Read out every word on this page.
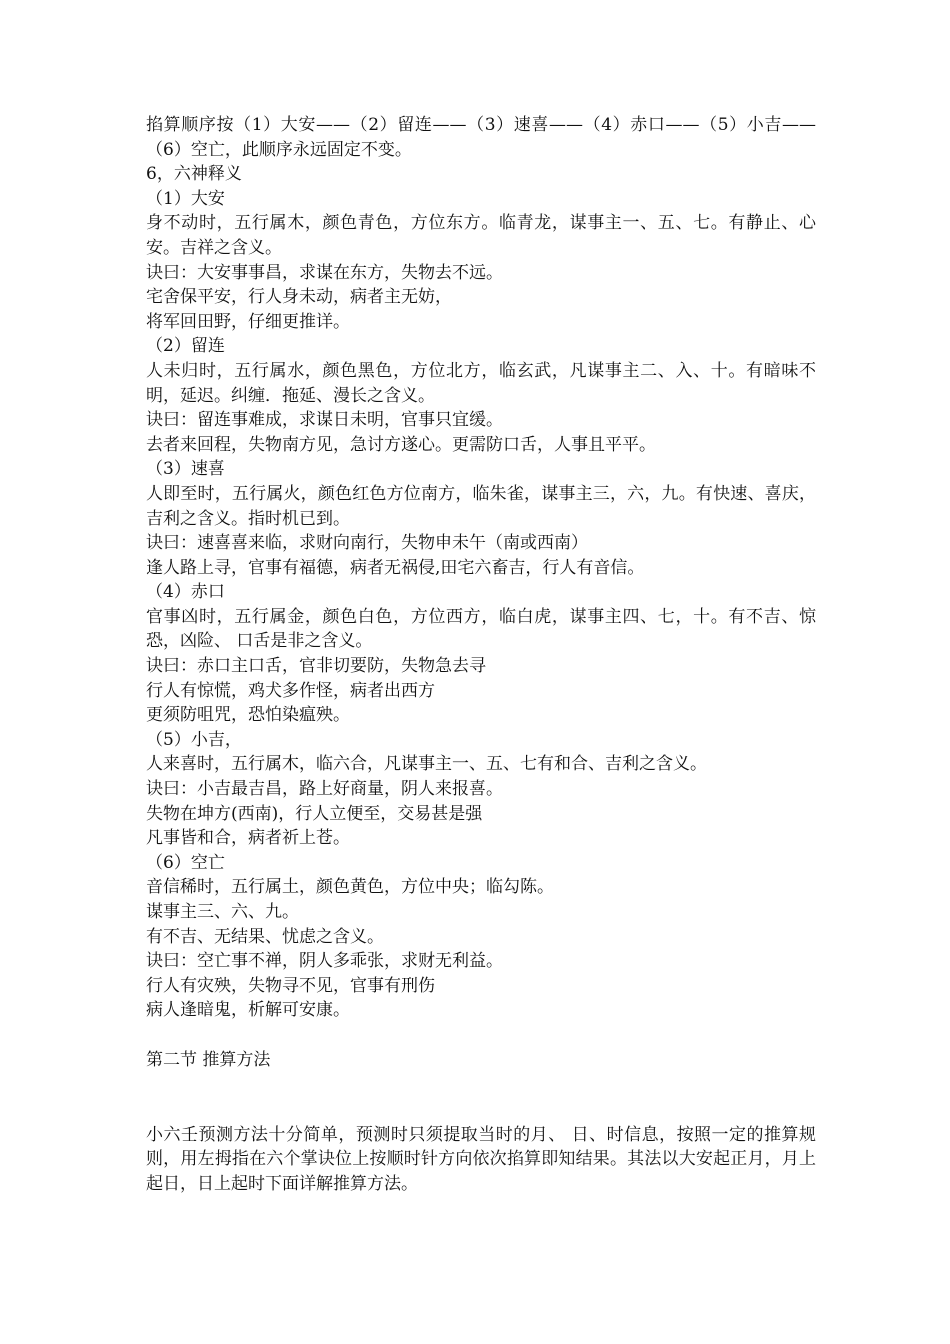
掐算顺序按（1）大安——（2）留连——（3）速喜——（4）赤口——（5）小吉——（6）空亡，此顺序永远固定不变。
6，六神释义
（1）大安
身不动时，五行属木，颜色青色，方位东方。临青龙，谋事主一、五、七。有静止、心安。吉祥之含义。
诀曰：大安事事昌，求谋在东方，失物去不远。
宅舍保平安，行人身未动，病者主无妨，
将军回田野，仔细更推详。
（2）留连
人未归时，五行属水，颜色黑色，方位北方，临玄武，凡谋事主二、入、十。有暗味不明，延迟。纠缠．拖延、漫长之含义。
诀曰：留连事难成，求谋日未明，官事只宜缓。
去者来回程，失物南方见，急讨方遂心。更需防口舌，人事且平平。
（3）速喜
人即至时，五行属火，颜色红色方位南方，临朱雀，谋事主三，六，九。有快速、喜庆，吉利之含义。指时机已到。
诀曰：速喜喜来临，求财向南行，失物申未午（南或西南）
逢人路上寻，官事有福德，病者无祸侵,田宅六畜吉，行人有音信。
（4）赤口
官事凶时，五行属金，颜色白色，方位西方，临白虎，谋事主四、七，十。有不吉、惊恐，凶险、 口舌是非之含义。
诀曰：赤口主口舌，官非切要防，失物急去寻
行人有惊慌，鸡犬多作怪，病者出西方
更须防咀咒，恐怕染瘟殃。
（5）小吉，
人来喜时，五行属木，临六合，凡谋事主一、五、七有和合、吉利之含义。
诀曰：小吉最吉昌，路上好商量，阴人来报喜。
失物在坤方(西南)，行人立便至，交易甚是强
凡事皆和合，病者祈上苍。
（6）空亡
音信稀时，五行属土，颜色黄色，方位中央；临勾陈。
谋事主三、六、九。
有不吉、无结果、忧虑之含义。
诀曰：空亡事不禅，阴人多乖张，求财无利益。
行人有灾殃，失物寻不见，官事有刑伤
病人逢暗鬼，析解可安康。
第二节 推算方法
小六壬预测方法十分简单，预测时只须提取当时的月、 日、时信息，按照一定的推算规则，用左拇指在六个掌诀位上按顺时针方向依次掐算即知结果。其法以大安起正月，月上起日，日上起时下面详解推算方法。
